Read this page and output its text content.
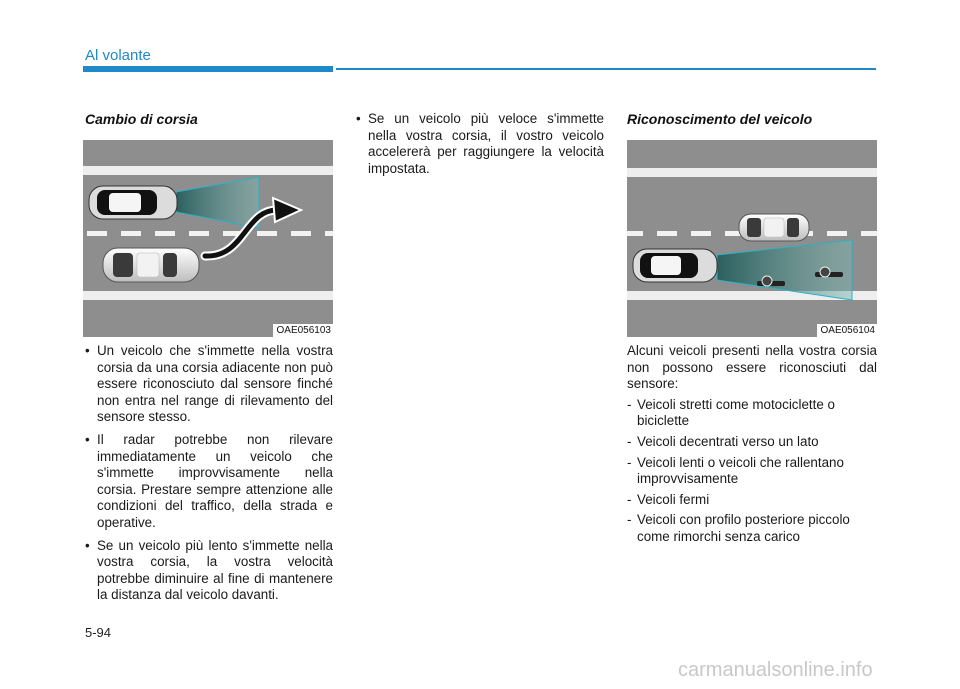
Al volante
Cambio di corsia
OAE056103
• Un veicolo che s'immette nella vostra corsia da una corsia adiacente non può essere riconosciuto dal sensore finché non entra nel range di rilevamento del sensore stesso.
• Il radar potrebbe non rilevare immediatamente un veicolo che s'immette improvvisamente nella corsia. Prestare sempre attenzione alle condizioni del traffico, della strada e operative.
• Se un veicolo più lento s'immette nella vostra corsia, la vostra velocità potrebbe diminuire al fine di mantenere la distanza dal veicolo davanti.
• Se un veicolo più veloce s'immette nella vostra corsia, il vostro veicolo accelererà per raggiungere la velocità impostata.
Riconoscimento del veicolo
OAE056104

Alcuni veicoli presenti nella vostra corsia non possono essere riconosciuti dal sensore:

- Veicoli stretti come motociclette o biciclette
- Veicoli decentrati verso un lato
- Veicoli lenti o veicoli che rallentano improvvisamente
- Veicoli fermi
- Veicoli con profilo posteriore piccolo come rimorchi senza carico
5-94
carmanualsonline.info
